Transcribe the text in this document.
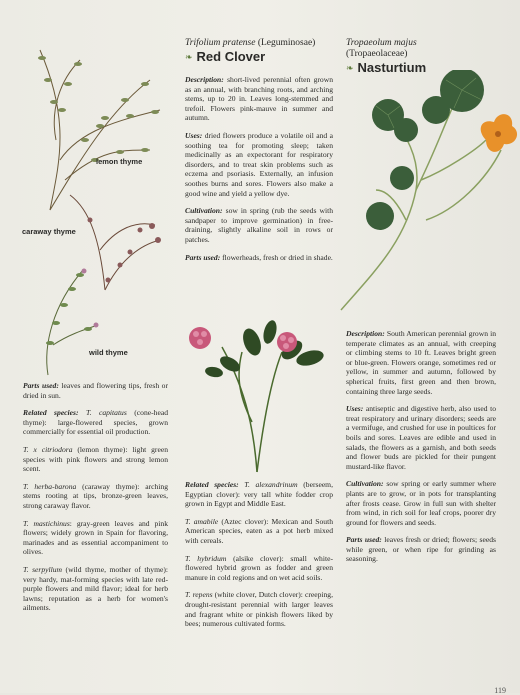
lemon thyme
caraway thyme
wild thyme

Parts used: leaves and flowering tips, fresh or dried in sun.

Related species: T. capitatus (cone-head thyme): large-flowered species, grown commercially for essential oil production.

T. x citriodora (lemon thyme): light green species with pink flowers and strong lemon scent.

T. herba-barona (caraway thyme): arching stems rooting at tips, bronze-green leaves, strong caraway flavor.

T. mastichinus: gray-green leaves and pink flowers; widely grown in Spain for flavoring, marinades and as essential accompaniment to olives.

T. serpyllum (wild thyme, mother of thyme): very hardy, mat-forming species with late red-purple flowers and mild flavor; ideal for herb lawns; reputation as a herb for women's ailments.

Trifolium pratense (Leguminosae)
❧ Red Clover

Description: short-lived perennial often grown as an annual, with branching roots, and arching stems, up to 20 in. Leaves long-stemmed and trefoil. Flowers pink-mauve in summer and autumn.

Uses: dried flowers produce a volatile oil and a soothing tea for promoting sleep; taken medicinally as an expectorant for respiratory disorders, and to treat skin problems such as eczema and psoriasis. Externally, an infusion soothes burns and sores. Flowers also make a good wine and yield a yellow dye.

Cultivation: sow in spring (rub the seeds with sandpaper to improve germination) in free-draining, slightly alkaline soil in rows or patches.

Parts used: flowerheads, fresh or dried in shade.

Related species: T. alexandrinum (berseem, Egyptian clover): very tall white fodder crop grown in Egypt and Middle East.

T. amabile (Aztec clover): Mexican and South American species, eaten as a pot herb mixed with cereals.

T. hybridum (alsike clover): small white-flowered hybrid grown as fodder and green manure in cold regions and on wet acid soils.

T. repens (white clover, Dutch clover): creeping, drought-resistant perennial with larger leaves and fragrant white or pinkish flowers liked by bees; numerous cultivated forms.

Tropaeolum majus
(Tropaeolaceae)
❧ Nasturtium

Description: South American perennial grown in temperate climates as an annual, with creeping or climbing stems to 10 ft. Leaves bright green or blue-green. Flowers orange, sometimes red or yellow, in summer and autumn, followed by spherical fruits, first green and then brown, containing three large seeds.

Uses: antiseptic and digestive herb, also used to treat respiratory and urinary disorders; seeds are a vermifuge, and crushed for use in poultices for boils and sores. Leaves are edible and used in salads, the flowers as a garnish, and both seeds and flower buds are pickled for their pungent mustard-like flavor.

Cultivation: sow spring or early summer where plants are to grow, or in pots for transplanting after frosts cease. Grow in full sun with shelter from wind, in rich soil for leaf crops, poorer dry ground for flowers and seeds.

Parts used: leaves fresh or dried; flowers; seeds while green, or when ripe for grinding as seasoning.

119
